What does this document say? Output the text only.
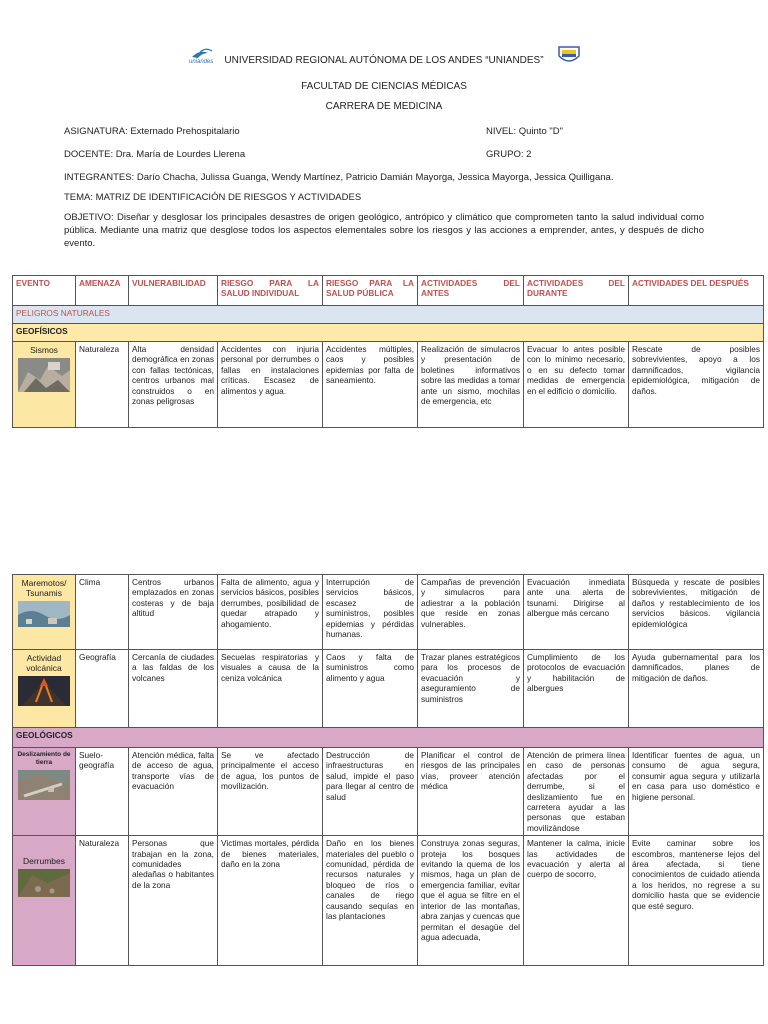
uniandes	UNIVERSIDAD REGIONAL AUTÓNOMA DE LOS ANDES “UNIANDES”
FACULTAD DE CIENCIAS MÉDICAS
CARRERA DE MEDICINA
ASIGNATURA: Externado Prehospitalario	NIVEL: Quinto "D"
DOCENTE: Dra. María de Lourdes Llerena	GRUPO: 2
INTEGRANTES: Darío Chacha, Julissa Guanga, Wendy Martínez, Patricio Damián Mayorga, Jessica Mayorga, Jessica Quilligana.
TEMA: MATRIZ DE IDENTIFICACIÓN DE RIESGOS Y ACTIVIDADES
OBJETIVO: Diseñar y desglosar los principales desastres de origen geológico, antrópico y climático que comprometen tanto la salud individual como pública. Mediante una matriz que desglose todos los aspectos elementales sobre los riesgos y las acciones a emprender, antes, y después de dicho evento.
EVENTO	AMENAZA	VULNERABILIDAD	RIESGO PARA LA SALUD INDIVIDUAL	RIESGO PARA LA SALUD PÚBLICA	ACTIVIDADES DEL ANTES	ACTIVIDADES DEL DURANTE	ACTIVIDADES DEL DESPUÉS
PELIGROS NATURALES							
GEOFÍSICOS							

Sismos	Naturaleza	Alta densidad demográfica en zonas con fallas tectónicas, centros urbanos mal construidos o en zonas peligrosas	Accidentes con injuria personal por derrumbes o fallas en instalaciones críticas. Escasez de alimentos y agua.	Accidentes múltiples, caos y posibles epidemias por falta de saneamiento.	Realización de simulacros y presentación de boletines informativos sobre las medidas a tomar ante un sismo, mochilas de emergencia, etc	Evacuar lo antes posible con lo mínimo necesario, o en su defecto tomar medidas de emergencia en el edificio o domicilio.	Rescate de posibles sobrevivientes, apoyo a los damnificados, vigilancia epidemiológica, mitigación de daños.
Maremotos/ Tsunamis	Clima	Centros urbanos emplazados en zonas costeras y de baja altitud	Falta de alimento, agua y servicios básicos, posibles derrumbes, posibilidad de quedar atrapado y ahogamiento.	Interrupción de servicios básicos, escasez de suministros, posibles epidemias y pérdidas humanas.	Campañas de prevención y simulacros para adiestrar a la población que reside en zonas vulnerables.	Evacuación inmediata ante una alerta de tsunami. Dirigirse al albergue más cercano	Búsqueda y rescate de posibles sobrevivientes, mitigación de daños y restablecimiento de los servicios básicos. vigilancia epidemiológica

Actividad volcánica	Geografía	Cercanía de ciudades a las faldas de los volcanes	Secuelas respiratorias y visuales a causa de la ceniza volcánica	Caos y falta de suministros como alimento y agua	Trazar planes estratégicos para los procesos de evacuación y aseguramiento de suministros	Cumplimiento de los protocolos de evacuación y habilitación de albergues	Ayuda gubernamental para los damnificados, planes de mitigación de daños.
GEOLÓGICOS							

Deslizamiento de tierra	Suelo-geografía	Atención médica, falta de acceso de agua, transporte vías de evacuación	Se ve afectado principalmente el acceso de agua, los puntos de movilización.	Destrucción de infraestructuras en salud, impide el paso para llegar al centro de salud	Planificar el control de riesgos de las principales vías, proveer atención médica	Atención de primera línea en caso de personas afectadas por el derrumbe, si el deslizamiento fue en carretera ayudar a las personas que estaban movilizándose	Identificar fuentes de agua, un consumo de agua segura, consumir agua segura y utilizarla en casa para uso doméstico e higiene personal.

Derrumbes	Naturaleza	Personas que trabajan en la zona, comunidades aledañas o habitantes de la zona	Victimas mortales, pérdida de bienes materiales, daño en la zona	Daño en los bienes materiales del pueblo o comunidad, pérdida de recursos naturales y bloqueo de ríos o canales de riego causando sequías en las plantaciones	Construya zonas seguras, proteja los bosques evitando la quema de los mismos, haga un plan de emergencia familiar, evitar que el agua se filtre en el interior de las montañas, abra zanjas y cuencas que permitan el desagüe del agua adecuada,	Mantener la calma, inicie las actividades de evacuación y alerta al cuerpo de socorro,	Evite caminar sobre los escombros, mantenerse lejos del área afectada, si tiene conocimientos de cuidado atienda a los heridos, no regrese a su domicilio hasta que se evidencie que esté seguro.
